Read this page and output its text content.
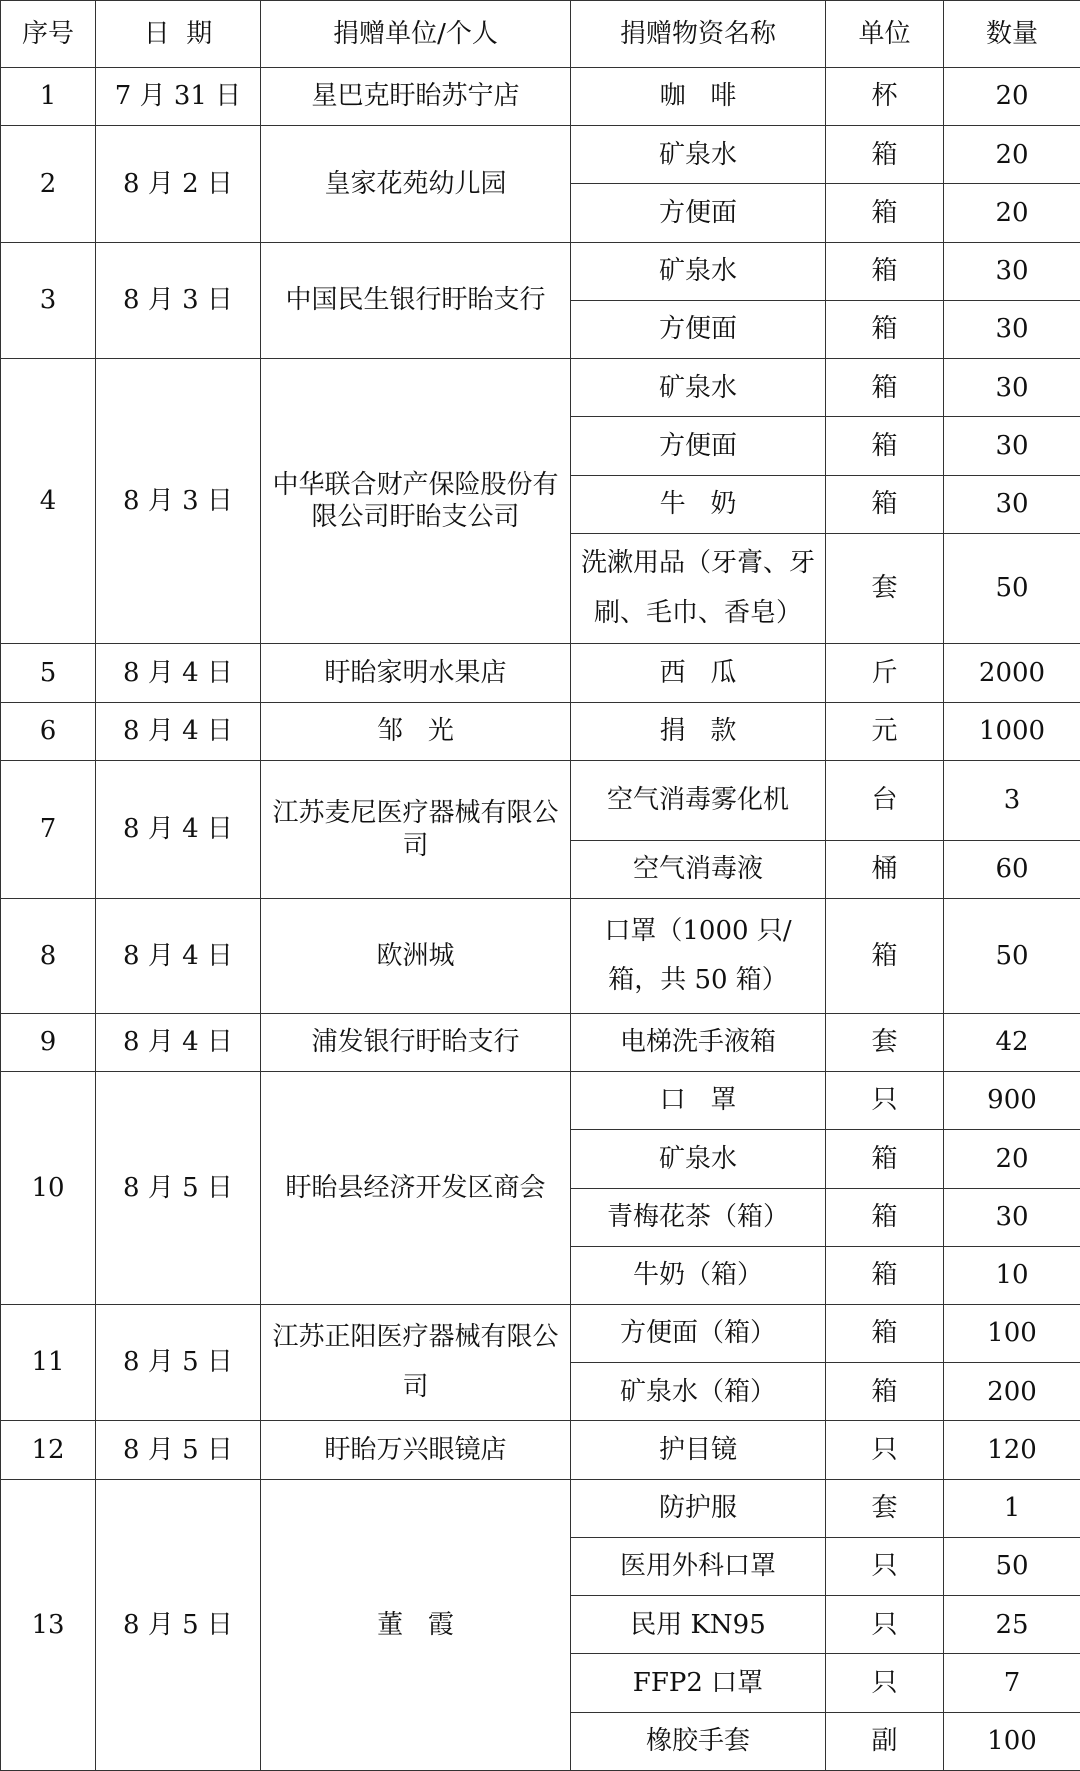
序号	日  期	捐赠单位/个人	捐赠物资名称	单位	数量
1	7 月 31 日	星巴克盱眙苏宁店	咖   啡	杯	20
2	8 月 2 日	皇家花苑幼儿园	矿泉水	箱	20
			方便面	箱	20
3	8 月 3 日	中国民生银行盱眙支行	矿泉水	箱	30
			方便面	箱	30
4	8 月 3 日	中华联合财产保险股份有限公司盱眙支公司	矿泉水	箱	30
			方便面	箱	30
			牛   奶	箱	30
			洗漱用品（牙膏、牙刷、毛巾、香皂）	套	50
5	8 月 4 日	盱眙家明水果店	西   瓜	斤	2000
6	8 月 4 日	邹   光	捐   款	元	1000
7	8 月 4 日	江苏麦尼医疗器械有限公司	空气消毒雾化机	台	3
			空气消毒液	桶	60
8	8 月 4 日	欧洲城	口罩（1000 只/箱，共 50 箱）	箱	50
9	8 月 4 日	浦发银行盱眙支行	电梯洗手液箱	套	42
10	8 月 5 日	盱眙县经济开发区商会	口   罩	只	900
			矿泉水	箱	20
			青梅花茶（箱）	箱	30
			牛奶（箱）	箱	10
11	8 月 5 日	江苏正阳医疗器械有限公司	方便面（箱）	箱	100
			矿泉水（箱）	箱	200
12	8 月 5 日	盱眙万兴眼镜店	护目镜	只	120
13	8 月 5 日	董   霞	防护服	套	1
			医用外科口罩	只	50
			民用 KN95	只	25
			FFP2 口罩	只	7
			橡胶手套	副	100
